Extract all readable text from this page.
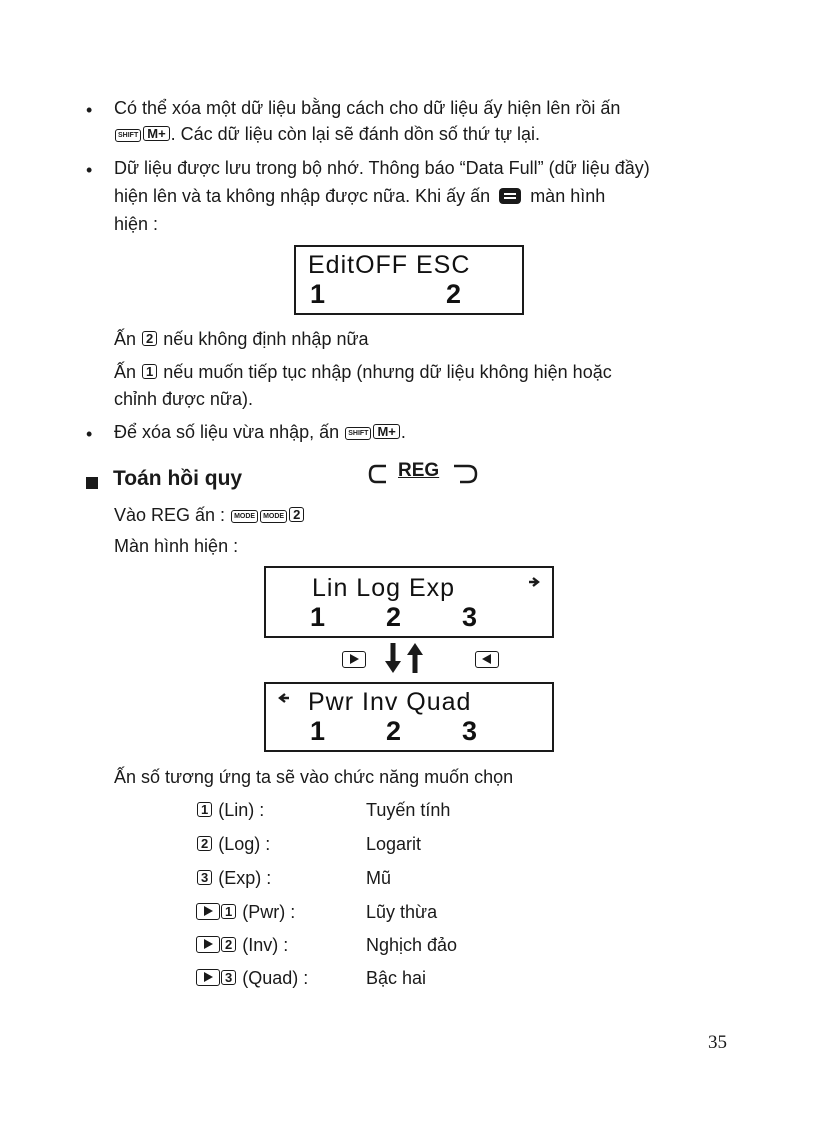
• Có thể xóa một dữ liệu bằng cách cho dữ liệu ấy hiện lên rồi ấn
SHIFT M+ . Các dữ liệu còn lại sẽ đánh dồn số thứ tự lại.
• Dữ liệu được lưu trong bộ nhớ. Thông báo “Data Full” (dữ liệu đầy)
hiện lên và ta không nhập được nữa. Khi ấy ấn màn hình
hiện :
EditOFF ESC
1	2
Ấn 2 nếu không định nhập nữa
Ấn 1 nếu muốn tiếp tục nhập (nhưng dữ liệu không hiện hoặc
chỉnh được nữa).
• Để xóa số liệu vừa nhập, ấn SHIFT M+ .
Toán hồi quy	REG
Vào REG ấn : MODE MODE 2
Màn hình hiện :
Lin Log Exp
1 2 3

Pwr Inv Quad
1 2 3
Ấn số tương ứng ta sẽ vào chức năng muốn chọn
1 (Lin) :	Tuyến tính
2 (Log) :	Logarit
3 (Exp) :	Mũ
1 (Pwr) :	Lũy thừa
2 (Inv) :	Nghịch đảo
3 (Quad) :	Bậc hai
35
